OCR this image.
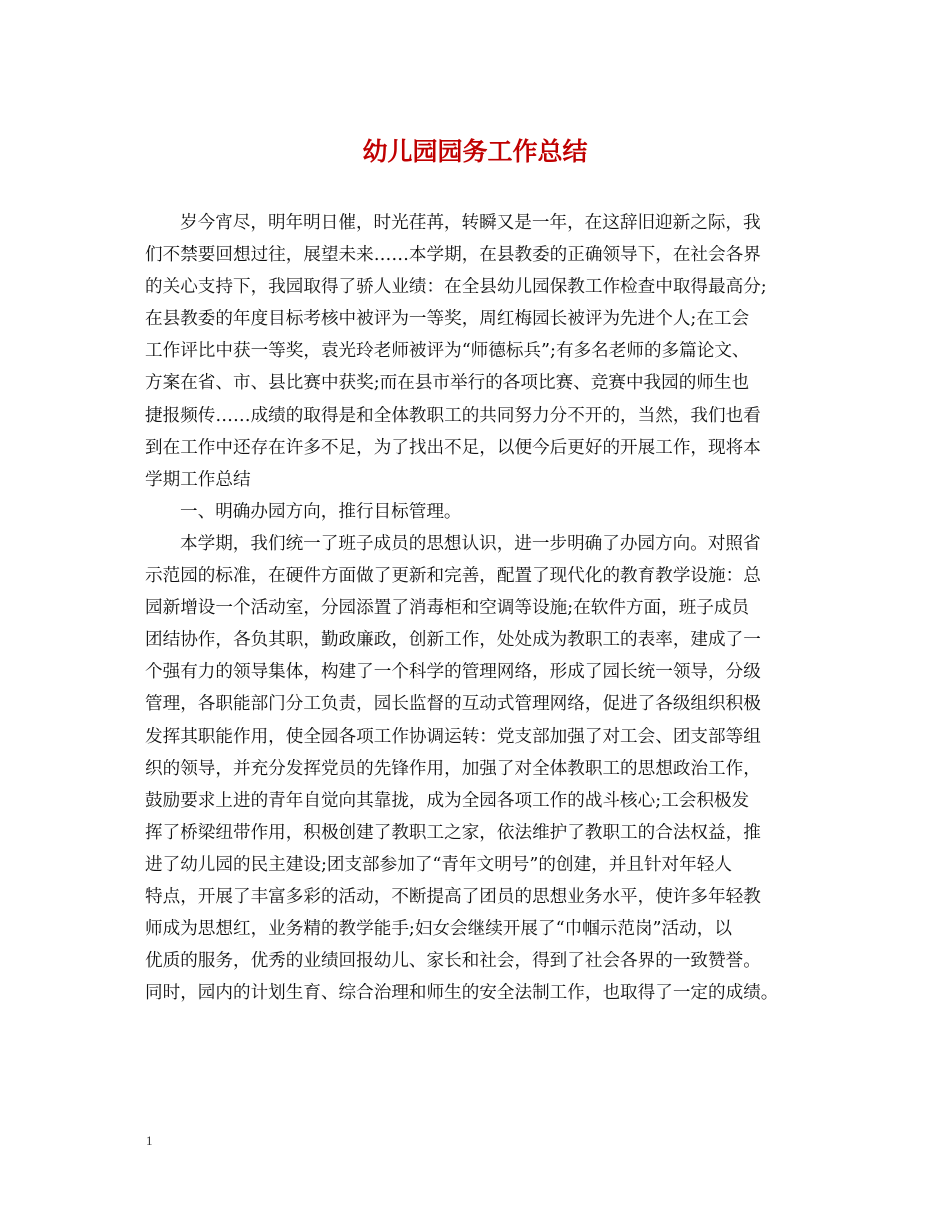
幼儿园园务工作总结
岁今宵尽，明年明日催，时光荏苒，转瞬又是一年，在这辞旧迎新之际，我
们不禁要回想过往，展望未来……本学期，在县教委的正确领导下，在社会各界
的关心支持下，我园取得了骄人业绩：在全县幼儿园保教工作检查中取得最高分;
在县教委的年度目标考核中被评为一等奖，周红梅园长被评为先进个人;在工会
工作评比中获一等奖，袁光玲老师被评为“师德标兵”;有多名老师的多篇论文、
方案在省、市、县比赛中获奖;而在县市举行的各项比赛、竞赛中我园的师生也
捷报频传……成绩的取得是和全体教职工的共同努力分不开的，当然，我们也看
到在工作中还存在许多不足，为了找出不足，以便今后更好的开展工作，现将本
学期工作总结
一、明确办园方向，推行目标管理。
本学期，我们统一了班子成员的思想认识，进一步明确了办园方向。对照省
示范园的标准，在硬件方面做了更新和完善，配置了现代化的教育教学设施：总
园新增设一个活动室，分园添置了消毒柜和空调等设施;在软件方面，班子成员
团结协作，各负其职，勤政廉政，创新工作，处处成为教职工的表率，建成了一
个强有力的领导集体，构建了一个科学的管理网络，形成了园长统一领导，分级
管理，各职能部门分工负责，园长监督的互动式管理网络，促进了各级组织积极
发挥其职能作用，使全园各项工作协调运转：党支部加强了对工会、团支部等组
织的领导，并充分发挥党员的先锋作用，加强了对全体教职工的思想政治工作，
鼓励要求上进的青年自觉向其靠拢，成为全园各项工作的战斗核心;工会积极发
挥了桥梁纽带作用，积极创建了教职工之家，依法维护了教职工的合法权益，推
进了幼儿园的民主建设;团支部参加了“青年文明号”的创建，并且针对年轻人
特点，开展了丰富多彩的活动，不断提高了团员的思想业务水平，使许多年轻教
师成为思想红，业务精的教学能手;妇女会继续开展了“巾帼示范岗”活动，以
优质的服务，优秀的业绩回报幼儿、家长和社会，得到了社会各界的一致赞誉。
同时，园内的计划生育、综合治理和师生的安全法制工作，也取得了一定的成绩。
1
